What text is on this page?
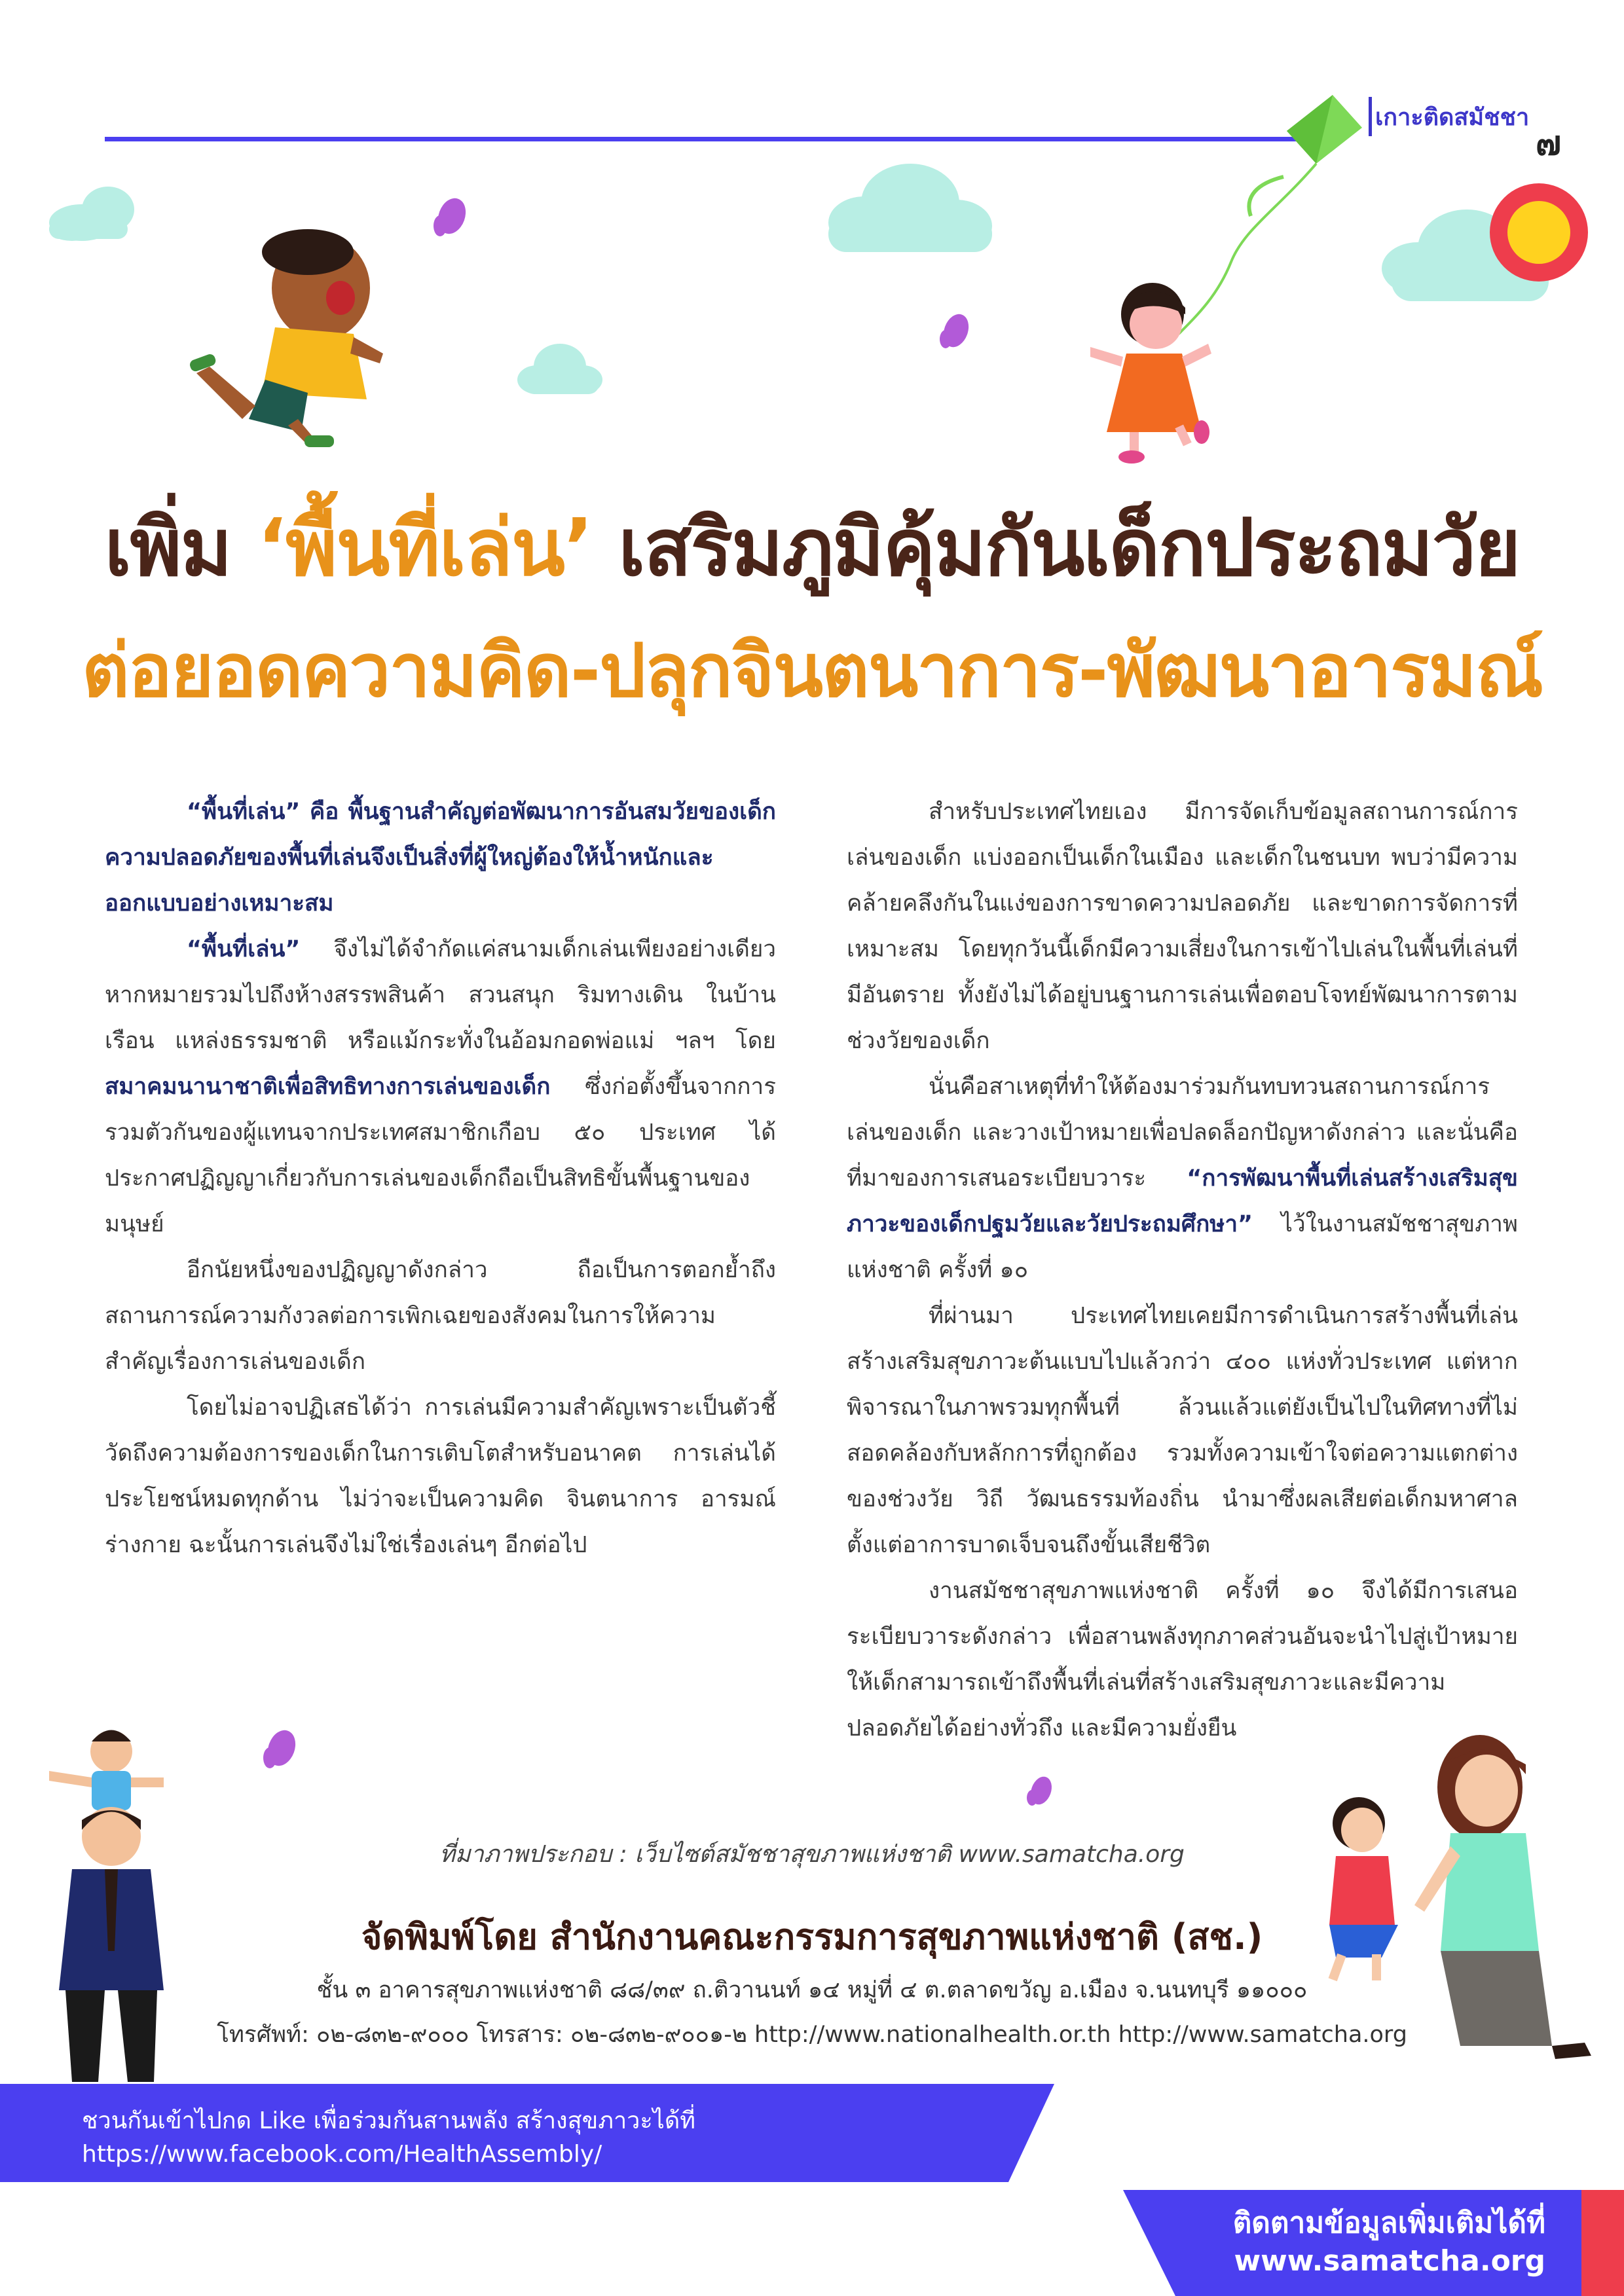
เกาะติดสมัชชา
๗
เพิ่ม ‘พื้นที่เล่น’ เสริมภูมิคุ้มกันเด็กประถมวัย
ต่อยอดความคิด-ปลุกจินตนาการ-พัฒนาอารมณ์

“พื้นที่เล่น” คือ พื้นฐานสำคัญต่อพัฒนาการอันสมวัยของเด็ก ความปลอดภัยของพื้นที่เล่นจึงเป็นสิ่งที่ผู้ใหญ่ต้องให้น้ำหนักและออกแบบอย่างเหมาะสม

“พื้นที่เล่น” จึงไม่ได้จำกัดแค่สนามเด็กเล่นเพียงอย่างเดียว หากหมายรวมไปถึงห้างสรรพสินค้า สวนสนุก ริมทางเดิน ในบ้านเรือน แหล่งธรรมชาติ หรือแม้กระทั่งในอ้อมกอดพ่อแม่ ฯลฯ โดย สมาคมนานาชาติเพื่อสิทธิทางการเล่นของเด็ก ซึ่งก่อตั้งขึ้นจากการรวมตัวกันของผู้แทนจากประเทศสมาชิกเกือบ ๕๐ ประเทศ ได้ประกาศปฏิญญาเกี่ยวกับการเล่นของเด็กถือเป็นสิทธิขั้นพื้นฐานของมนุษย์

อีกนัยหนึ่งของปฏิญญาดังกล่าว ถือเป็นการตอกย้ำถึงสถานการณ์ความกังวลต่อการเพิกเฉยของสังคมในการให้ความสำคัญเรื่องการเล่นของเด็ก

โดยไม่อาจปฏิเสธได้ว่า การเล่นมีความสำคัญเพราะเป็นตัวชี้วัดถึงความต้องการของเด็กในการเติบโตสำหรับอนาคต การเล่นได้ประโยชน์หมดทุกด้าน ไม่ว่าจะเป็นความคิด จินตนาการ อารมณ์ ร่างกาย ฉะนั้นการเล่นจึงไม่ใช่เรื่องเล่นๆ อีกต่อไป

สำหรับประเทศไทยเอง มีการจัดเก็บข้อมูลสถานการณ์การเล่นของเด็ก แบ่งออกเป็นเด็กในเมือง และเด็กในชนบท พบว่ามีความคล้ายคลึงกันในแง่ของการขาดความปลอดภัย และขาดการจัดการที่เหมาะสม โดยทุกวันนี้เด็กมีความเสี่ยงในการเข้าไปเล่นในพื้นที่เล่นที่มีอันตราย ทั้งยังไม่ได้อยู่บนฐานการเล่นเพื่อตอบโจทย์พัฒนาการตามช่วงวัยของเด็ก

นั่นคือสาเหตุที่ทำให้ต้องมาร่วมกันทบทวนสถานการณ์การเล่นของเด็ก และวางเป้าหมายเพื่อปลดล็อกปัญหาดังกล่าว และนั่นคือที่มาของการเสนอระเบียบวาระ “การพัฒนาพื้นที่เล่นสร้างเสริมสุขภาวะของเด็กปฐมวัยและวัยประถมศึกษา” ไว้ในงานสมัชชาสุขภาพแห่งชาติ ครั้งที่ ๑๐

ที่ผ่านมา ประเทศไทยเคยมีการดำเนินการสร้างพื้นที่เล่นสร้างเสริมสุขภาวะต้นแบบไปแล้วกว่า ๔๐๐ แห่งทั่วประเทศ แต่หากพิจารณาในภาพรวมทุกพื้นที่ ล้วนแล้วแต่ยังเป็นไปในทิศทางที่ไม่สอดคล้องกับหลักการที่ถูกต้อง รวมทั้งความเข้าใจต่อความแตกต่างของช่วงวัย วิถี วัฒนธรรมท้องถิ่น นำมาซึ่งผลเสียต่อเด็กมหาศาลตั้งแต่อาการบาดเจ็บจนถึงขั้นเสียชีวิต

งานสมัชชาสุขภาพแห่งชาติ ครั้งที่ ๑๐ จึงได้มีการเสนอระเบียบวาระดังกล่าว เพื่อสานพลังทุกภาคส่วนอันจะนำไปสู่เป้าหมายให้เด็กสามารถเข้าถึงพื้นที่เล่นที่สร้างเสริมสุขภาวะและมีความปลอดภัยได้อย่างทั่วถึง และมีความยั่งยืน

ที่มาภาพประกอบ : เว็บไซต์สมัชชาสุขภาพแห่งชาติ www.samatcha.org
จัดพิมพ์โดย สำนักงานคณะกรรมการสุขภาพแห่งชาติ (สช.)
ชั้น ๓ อาคารสุขภาพแห่งชาติ ๘๘/๓๙ ถ.ติวานนท์ ๑๔ หมู่ที่ ๔ ต.ตลาดขวัญ อ.เมือง จ.นนทบุรี ๑๑๐๐๐
โทรศัพท์: ๐๒-๘๓๒-๙๐๐๐ โทรสาร: ๐๒-๘๓๒-๙๐๐๑-๒ http://www.nationalhealth.or.th http://www.samatcha.org
ชวนกันเข้าไปกด Like เพื่อร่วมกันสานพลัง สร้างสุขภาวะได้ที่
https://www.facebook.com/HealthAssembly/
ติดตามข้อมูลเพิ่มเติมได้ที่
www.samatcha.org
